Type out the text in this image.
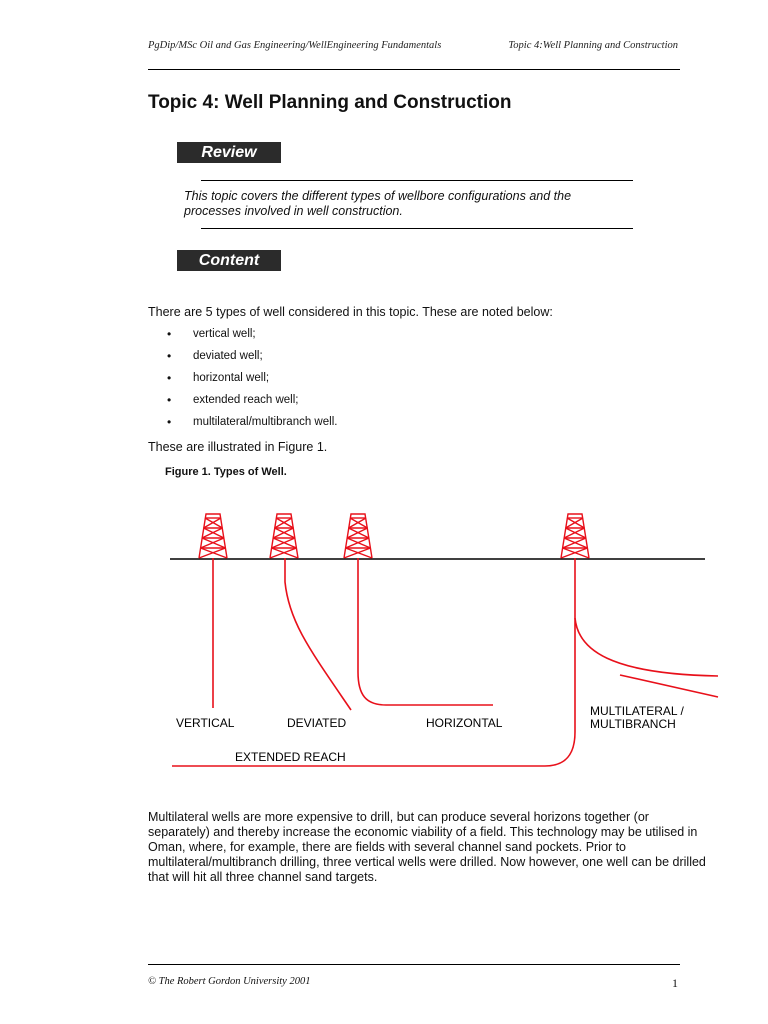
PgDip/MSc Oil and Gas Engineering/WellEngineering Fundamentals	Topic 4:Well Planning and Construction
Topic 4: Well Planning and Construction
Review
This topic covers the different types of wellbore configurations and the processes involved in well construction.
Content
There are 5 types of well considered in this topic. These are noted below:
• vertical well;
• deviated well;
• horizontal well;
• extended reach well;
• multilateral/multibranch well.
These are illustrated in Figure 1.
Figure 1. Types of Well.
VERTICAL	DEVIATED	HORIZONTAL
MULTILATERAL /
MULTIBRANCH
EXTENDED REACH
Multilateral wells are more expensive to drill, but can produce several horizons together (or separately) and thereby increase the economic viability of a field. This technology may be utilised in Oman, where, for example, there are fields with several channel sand pockets. Prior to multilateral/multibranch drilling, three vertical wells were drilled. Now however, one well can be drilled that will hit all three channel sand targets.
© The Robert Gordon University 2001	1
